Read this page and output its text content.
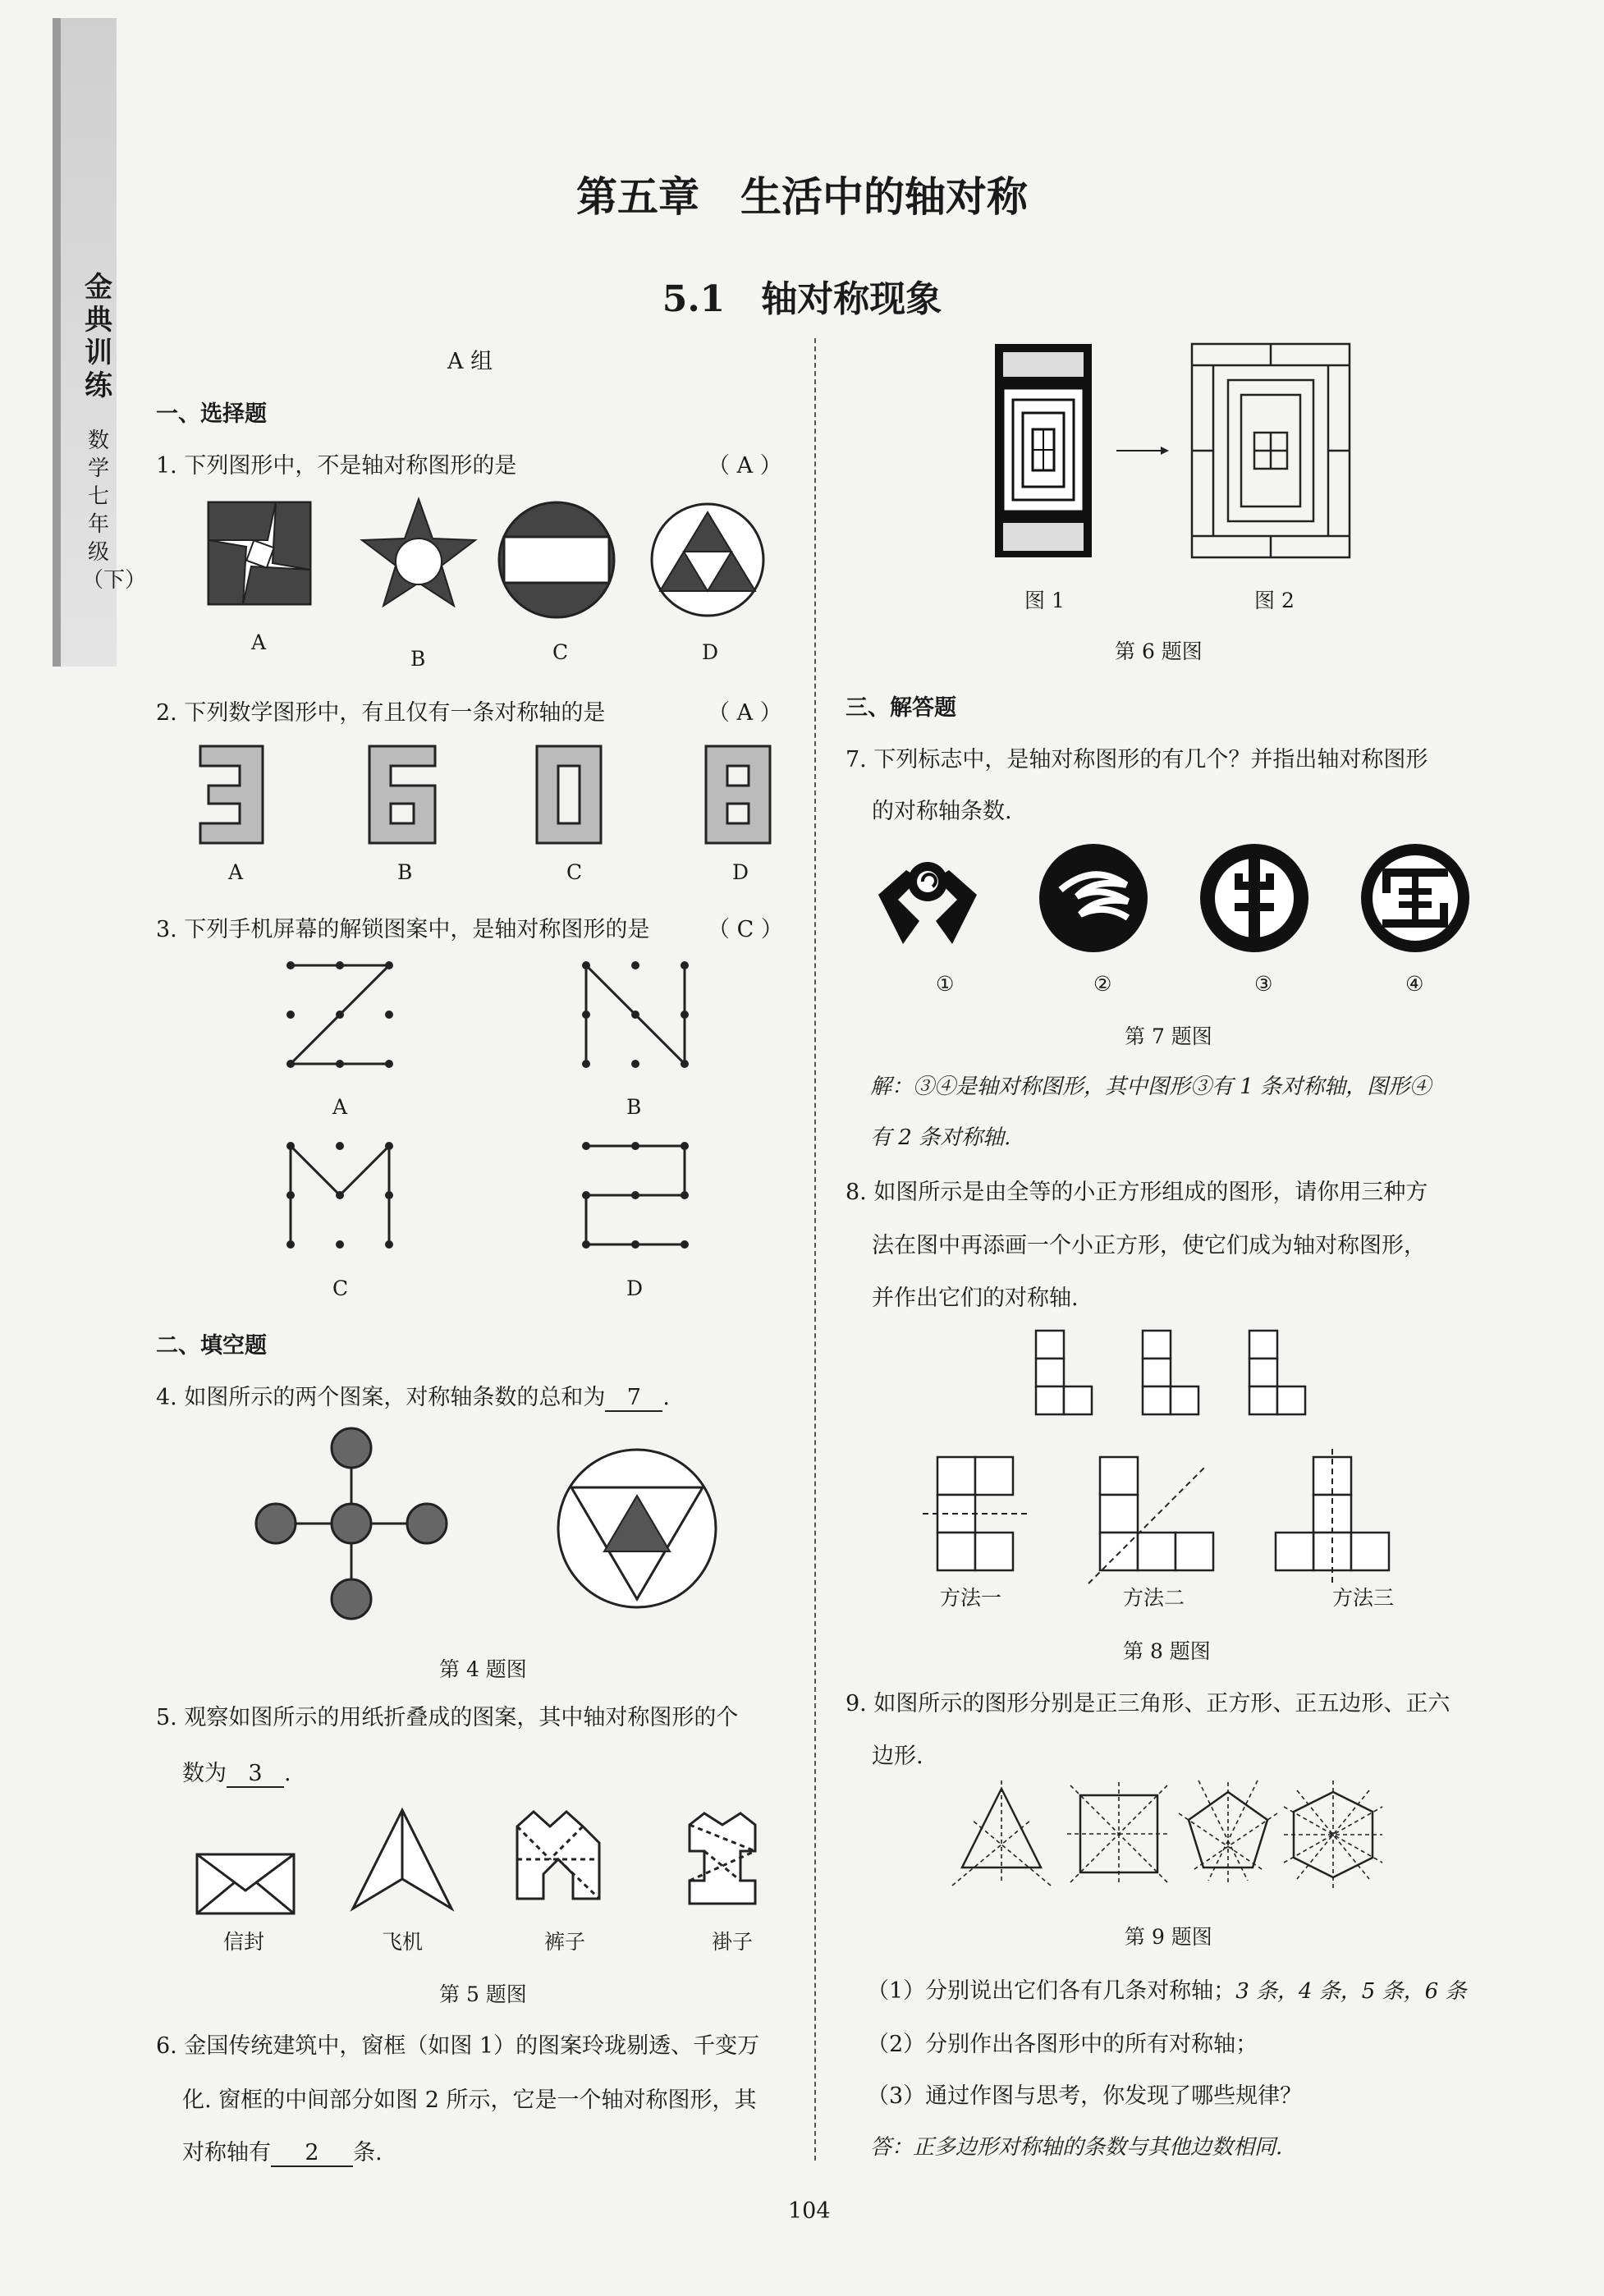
金典训练
数学 七年级（下）
第五章　生活中的轴对称
5.1　轴对称现象
A 组
一、选择题
1. 下列图形中，不是轴对称图形的是	（ A ）
A
B	C	D
2. 下列数学图形中，有且仅有一条对称轴的是	（ A ）
A	B	C	D
3. 下列手机屏幕的解锁图案中，是轴对称图形的是	（ C ）
A	B
C	D
二、填空题
4. 如图所示的两个图案，对称轴条数的总和为 7 .
第 4 题图
5. 观察如图所示的用纸折叠成的图案，其中轴对称图形的个
数为 3 .
信封	飞机	裤子	褂子
第 5 题图
6. 金国传统建筑中，窗框（如图 1）的图案玲珑剔透、千变万
化. 窗框的中间部分如图 2 所示，它是一个轴对称图形，其
对称轴有 2 条.
图 1	图 2
第 6 题图
三、解答题
7. 下列标志中，是轴对称图形的有几个？并指出轴对称图形
的对称轴条数.
①	②	③	④
第 7 题图
解：③④是轴对称图形，其中图形③有 1 条对称轴，图形④
有 2 条对称轴.
8. 如图所示是由全等的小正方形组成的图形，请你用三种方
法在图中再添画一个小正方形，使它们成为轴对称图形，
并作出它们的对称轴.
方法一	方法二	方法三
第 8 题图
9. 如图所示的图形分别是正三角形、正方形、正五边形、正六
边形.
第 9 题图
（1）分别说出它们各有几条对称轴；3 条，4 条，5 条，6 条
（2）分别作出各图形中的所有对称轴；
（3）通过作图与思考，你发现了哪些规律？
答：正多边形对称轴的条数与其他边数相同.
104
